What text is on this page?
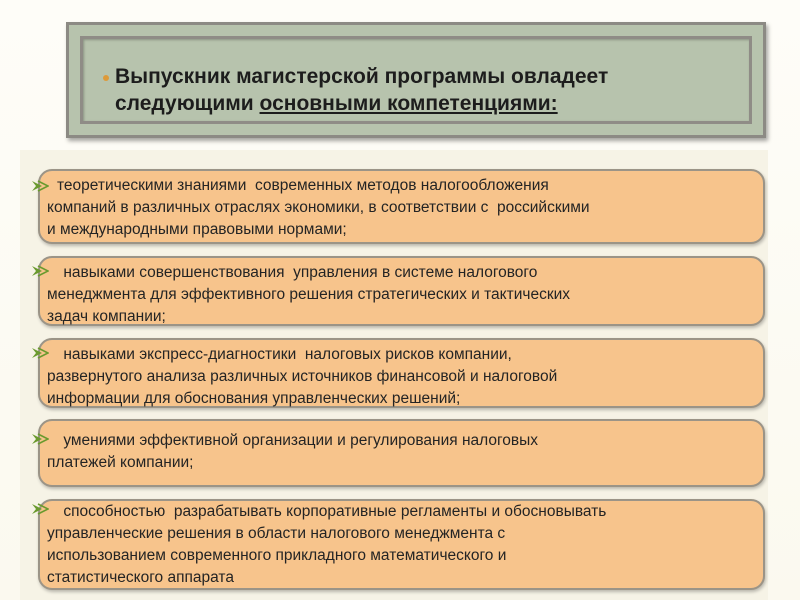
Выпускник магистерской программы овладеет
следующими основными компетенциями:
теоретическими знаниями  современных методов налогообложения
компаний в различных отраслях экономики, в соответствии с  российскими
и международными правовыми нормами;
навыками совершенствования  управления в системе налогового
менеджмента для эффективного решения стратегических и тактических
задач компании;
навыками экспресс-диагностики  налоговых рисков компании,
развернутого анализа различных источников финансовой и налоговой
информации для обоснования управленческих решений;
умениями эффективной организации и регулирования налоговых
платежей компании;
способностью  разрабатывать корпоративные регламенты и обосновывать
управленческие решения в области налогового менеджмента с
использованием современного прикладного математического и
статистического аппарата
